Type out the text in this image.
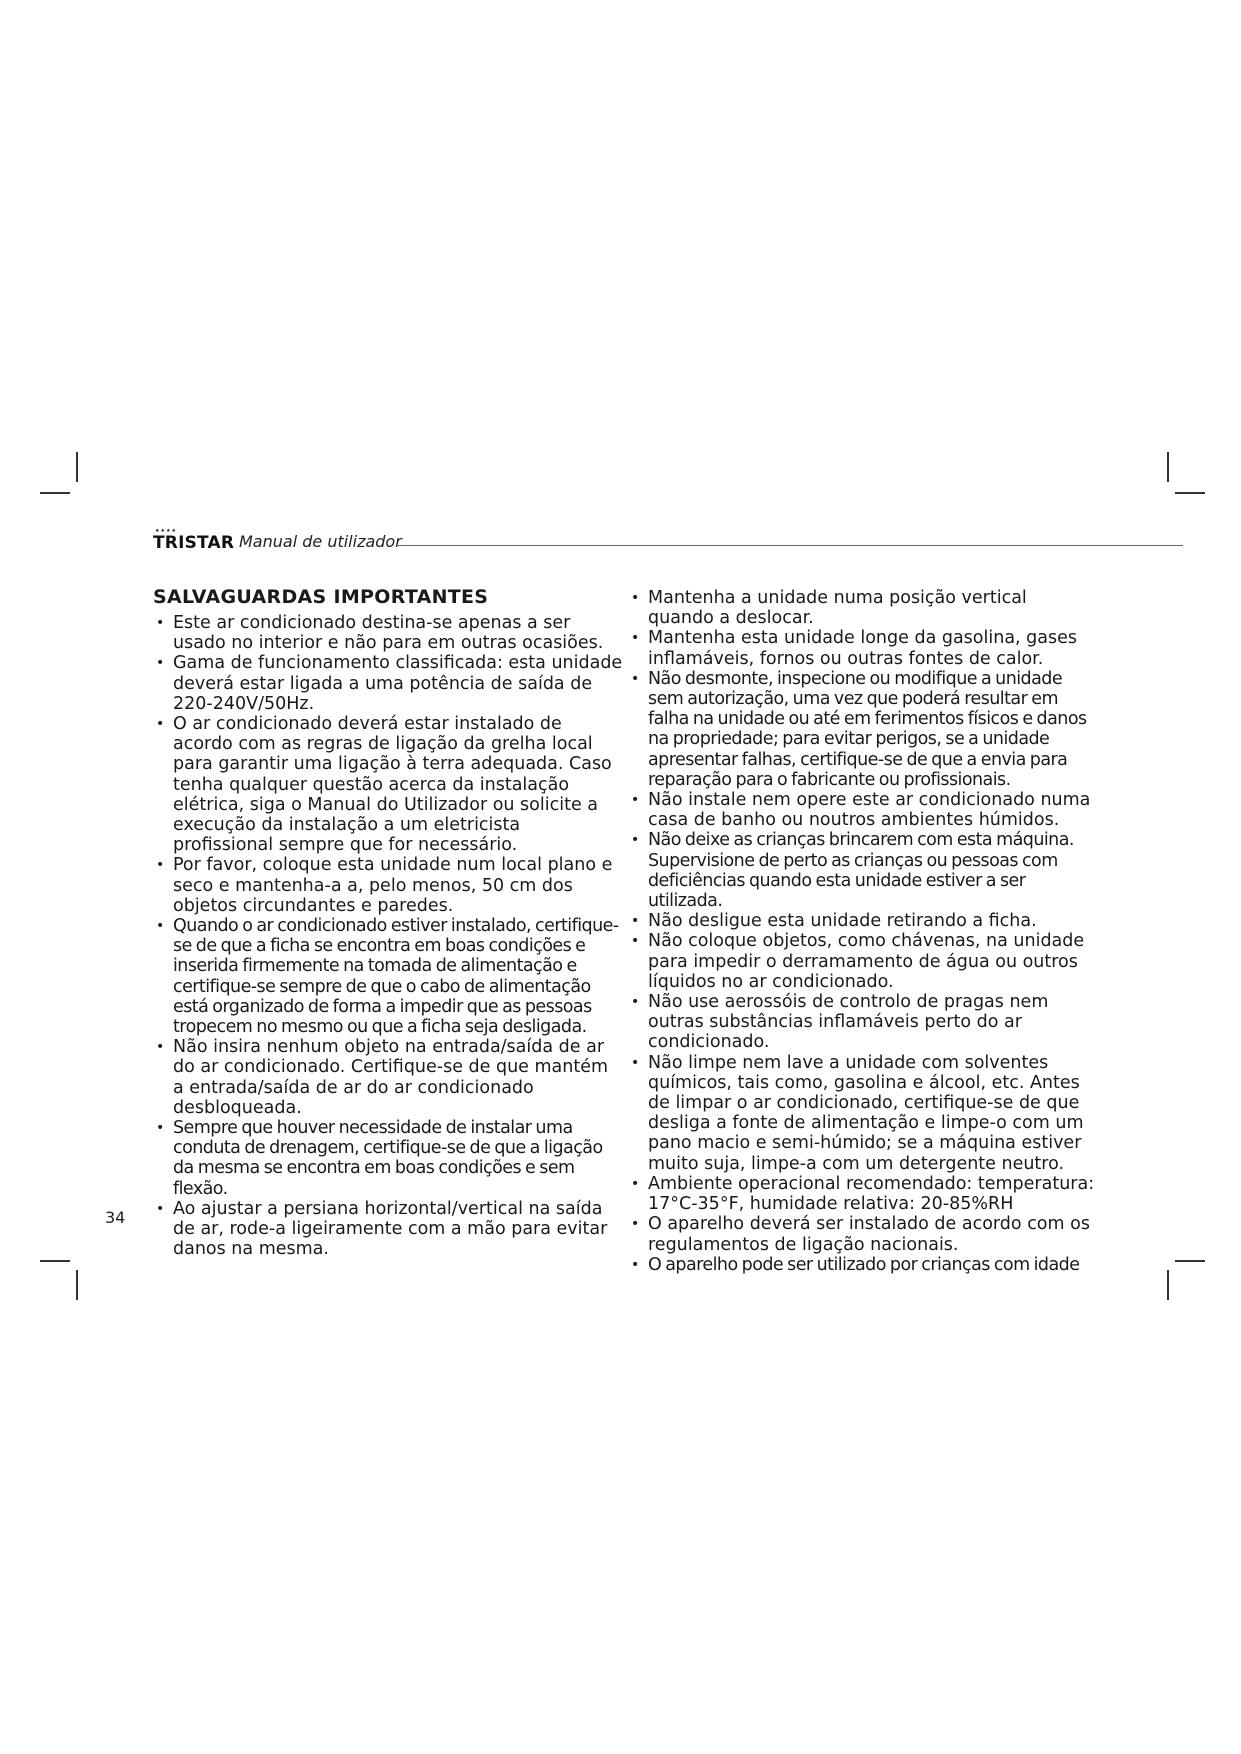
★★★★
TRISTAR Manual de utilizador
SALVAGUARDAS IMPORTANTES
• Este ar condicionado destina-se apenas a ser usado no interior e não para em outras ocasiões.
• Gama de funcionamento classificada: esta unidade deverá estar ligada a uma potência de saída de 220-240V/50Hz.
• O ar condicionado deverá estar instalado de acordo com as regras de ligação da grelha local para garantir uma ligação à terra adequada. Caso tenha qualquer questão acerca da instalação elétrica, siga o Manual do Utilizador ou solicite a execução da instalação a um eletricista profissional sempre que for necessário.
• Por favor, coloque esta unidade num local plano e seco e mantenha-a a, pelo menos, 50 cm dos objetos circundantes e paredes.
• Quando o ar condicionado estiver instalado, certifique-se de que a ficha se encontra em boas condições e inserida firmemente na tomada de alimentação e certifique-se sempre de que o cabo de alimentação está organizado de forma a impedir que as pessoas tropecem no mesmo ou que a ficha seja desligada.
• Não insira nenhum objeto na entrada/saída de ar do ar condicionado. Certifique-se de que mantém a entrada/saída de ar do ar condicionado desbloqueada.
• Sempre que houver necessidade de instalar uma conduta de drenagem, certifique-se de que a ligação da mesma se encontra em boas condições e sem flexão.
• Ao ajustar a persiana horizontal/vertical na saída de ar, rode-a ligeiramente com a mão para evitar danos na mesma.
• Mantenha a unidade numa posição vertical quando a deslocar.
• Mantenha esta unidade longe da gasolina, gases inflamáveis, fornos ou outras fontes de calor.
• Não desmonte, inspecione ou modifique a unidade sem autorização, uma vez que poderá resultar em falha na unidade ou até em ferimentos físicos e danos na propriedade; para evitar perigos, se a unidade apresentar falhas, certifique-se de que a envia para reparação para o fabricante ou profissionais.
• Não instale nem opere este ar condicionado numa casa de banho ou noutros ambientes húmidos.
• Não deixe as crianças brincarem com esta máquina. Supervisione de perto as crianças ou pessoas com deficiências quando esta unidade estiver a ser utilizada.
• Não desligue esta unidade retirando a ficha.
• Não coloque objetos, como chávenas, na unidade para impedir o derramamento de água ou outros líquidos no ar condicionado.
• Não use aerossóis de controlo de pragas nem outras substâncias inflamáveis perto do ar condicionado.
• Não limpe nem lave a unidade com solventes químicos, tais como, gasolina e álcool, etc. Antes de limpar o ar condicionado, certifique-se de que desliga a fonte de alimentação e limpe-o com um pano macio e semi-húmido; se a máquina estiver muito suja, limpe-a com um detergente neutro.
• Ambiente operacional recomendado: temperatura: 17°C-35°F, humidade relativa: 20-85%RH
• O aparelho deverá ser instalado de acordo com os regulamentos de ligação nacionais.
• O aparelho pode ser utilizado por crianças com idade
34
